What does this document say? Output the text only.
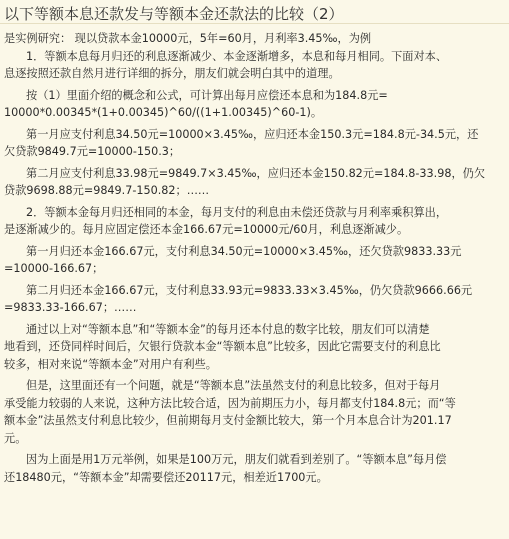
以下等额本息还款发与等额本金还款法的比较（2）

是实例研究： 现以贷款本金10000元，5年=60月，月利率3.45‰，为例

1．等额本息每月归还的利息逐渐减少、本金逐渐增多，本息和每月相同。下面对本、

息逐按照还款自然月进行详细的拆分，朋友们就会明白其中的道理。

按（1）里面介绍的概念和公式，可计算出每月应偿还本息和为184.8元=

10000*0.00345*(1+0.00345)^60/((1+1.00345)^60-1)。

第一月应支付利息34.50元=10000×3.45‰，应归还本金150.3元=184.8元-34.5元，还

欠贷款9849.7元=10000-150.3；

第二月应支付利息33.98元=9849.7×3.45‰，应归还本金150.82元=184.8-33.98，仍欠

贷款9698.88元=9849.7-150.82；……

2．等额本金每月归还相同的本金，每月支付的利息由未偿还贷款与月利率乘积算出，

是逐渐减少的。每月应固定偿还本金166.67元=10000元/60月，利息逐渐减少。

第一月归还本金166.67元，支付利息34.50元=10000×3.45‰，还欠贷款9833.33元

=10000-166.67；

第二月归还本金166.67元，支付利息33.93元=9833.33×3.45‰，仍欠贷款9666.66元

=9833.33-166.67；……

通过以上对“等额本息”和“等额本金”的每月还本付息的数字比较，朋友们可以清楚

地看到，还贷同样时间后，欠银行贷款本金“等额本息”比较多，因此它需要支付的利息比

较多，相对来说“等额本金”对用户有利些。

但是，这里面还有一个问题，就是“等额本息”法虽然支付的利息比较多，但对于每月

承受能力较弱的人来说，这种方法比较合适，因为前期压力小，每月都支付184.8元；而“等

额本金”法虽然支付利息比较少，但前期每月支付金额比较大，第一个月本息合计为201.17

元。

因为上面是用1万元举例，如果是100万元，朋友们就看到差别了。“等额本息”每月偿

还18480元，“等额本金”却需要偿还20117元，相差近1700元。
